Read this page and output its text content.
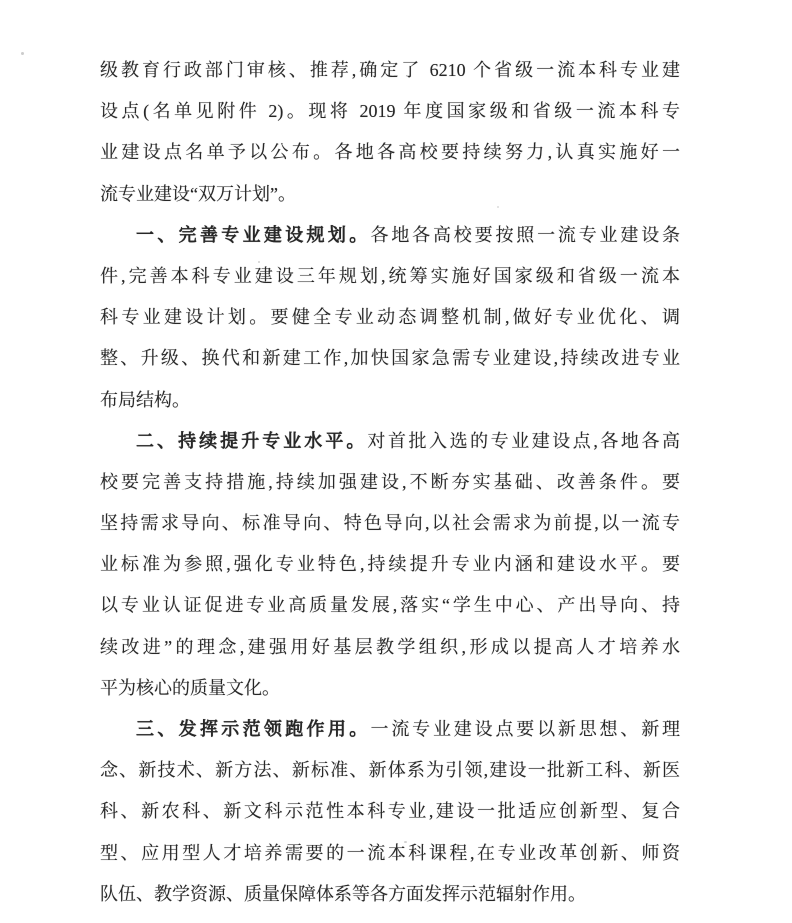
级教育行政部门审核、推荐,确定了 6210 个省级一流本科专业建
设点(名单见附件 2)。现将 2019 年度国家级和省级一流本科专
业建设点名单予以公布。各地各高校要持续努力,认真实施好一
流专业建设“双万计划”。
一、完善专业建设规划。各地各高校要按照一流专业建设条
件,完善本科专业建设三年规划,统筹实施好国家级和省级一流本
科专业建设计划。要健全专业动态调整机制,做好专业优化、调
整、升级、换代和新建工作,加快国家急需专业建设,持续改进专业
布局结构。
二、持续提升专业水平。对首批入选的专业建设点,各地各高
校要完善支持措施,持续加强建设,不断夯实基础、改善条件。要
坚持需求导向、标准导向、特色导向,以社会需求为前提,以一流专
业标准为参照,强化专业特色,持续提升专业内涵和建设水平。要
以专业认证促进专业高质量发展,落实“学生中心、产出导向、持
续改进”的理念,建强用好基层教学组织,形成以提高人才培养水
平为核心的质量文化。
三、发挥示范领跑作用。一流专业建设点要以新思想、新理
念、新技术、新方法、新标准、新体系为引领,建设一批新工科、新医
科、新农科、新文科示范性本科专业,建设一批适应创新型、复合
型、应用型人才培养需要的一流本科课程,在专业改革创新、师资
队伍、教学资源、质量保障体系等各方面发挥示范辐射作用。
